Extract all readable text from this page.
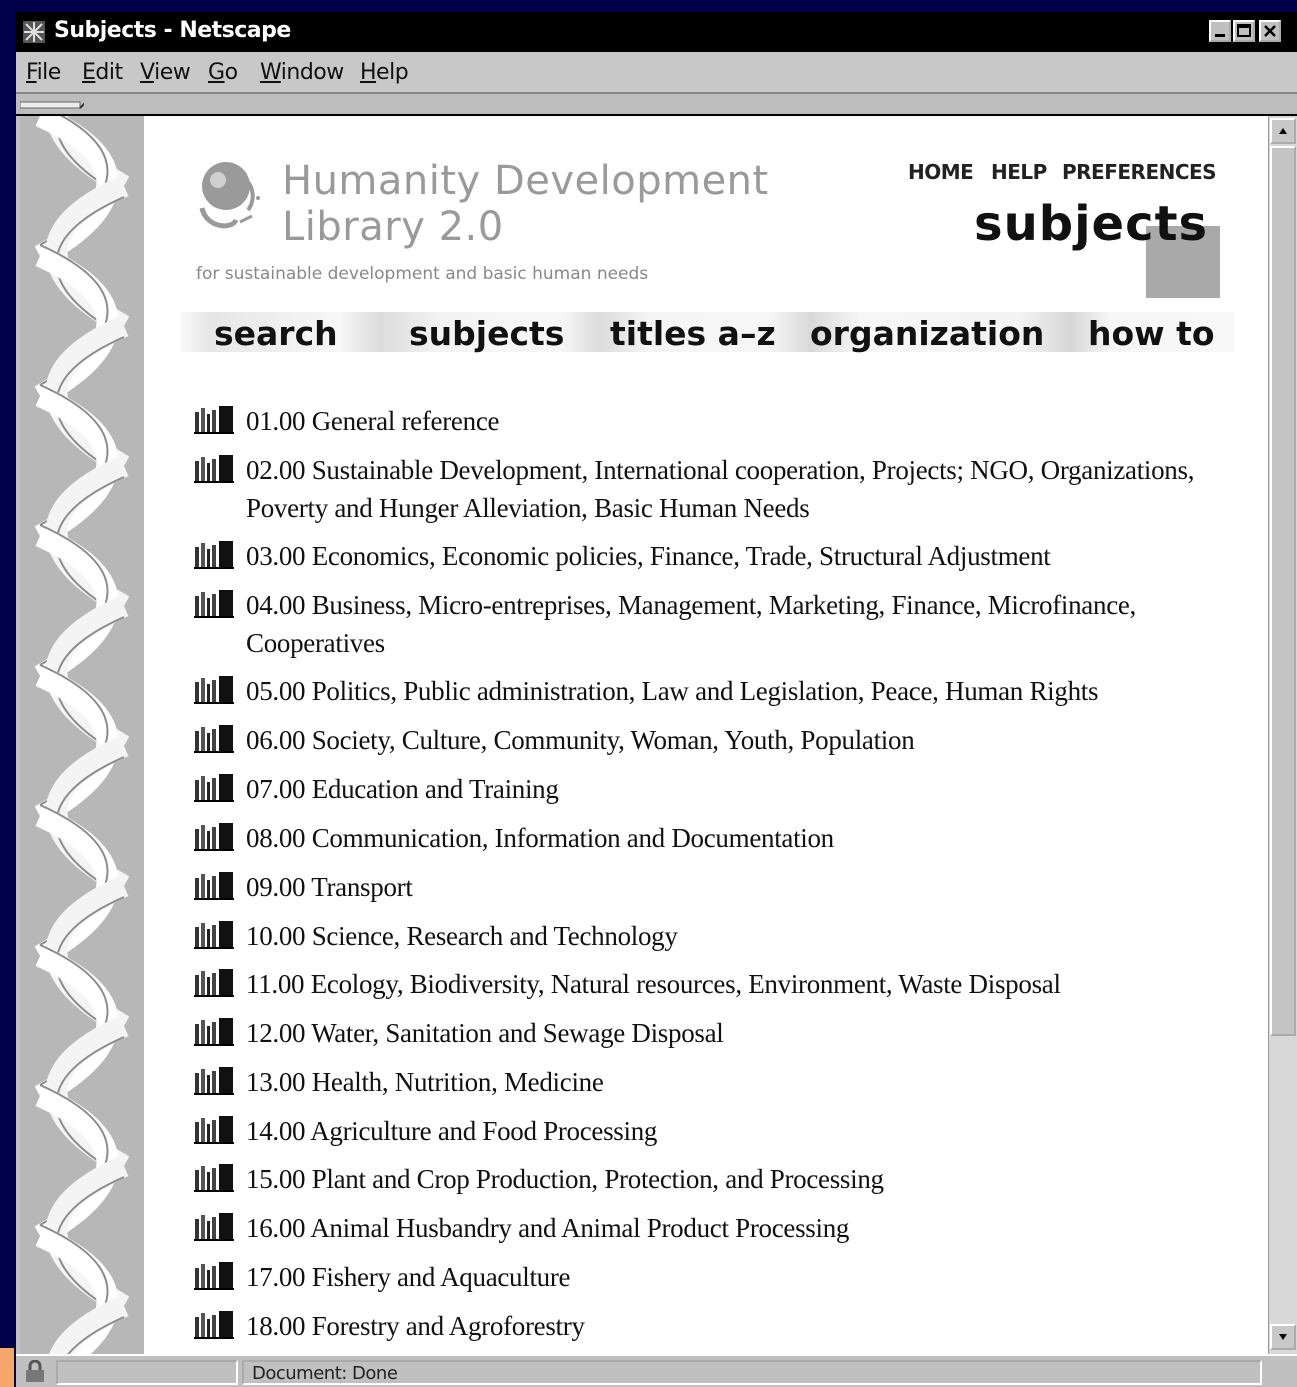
Subjects - Netscape
File Edit View Go Window Help
Humanity Development
Library 2.0
for sustainable development and basic human needs
HOME HELP PREFERENCES
subjects
search subjects titles a–z organization how to
01.00 General reference
02.00 Sustainable Development, International cooperation, Projects; NGO, Organizations, Poverty and Hunger Alleviation, Basic Human Needs
03.00 Economics, Economic policies, Finance, Trade, Structural Adjustment
04.00 Business, Micro-entreprises, Management, Marketing, Finance, Microfinance, Cooperatives
05.00 Politics, Public administration, Law and Legislation, Peace, Human Rights
06.00 Society, Culture, Community, Woman, Youth, Population
07.00 Education and Training
08.00 Communication, Information and Documentation
09.00 Transport
10.00 Science, Research and Technology
11.00 Ecology, Biodiversity, Natural resources, Environment, Waste Disposal
12.00 Water, Sanitation and Sewage Disposal
13.00 Health, Nutrition, Medicine
14.00 Agriculture and Food Processing
15.00 Plant and Crop Production, Protection, and Processing
16.00 Animal Husbandry and Animal Product Processing
17.00 Fishery and Aquaculture
18.00 Forestry and Agroforestry
Document: Done
